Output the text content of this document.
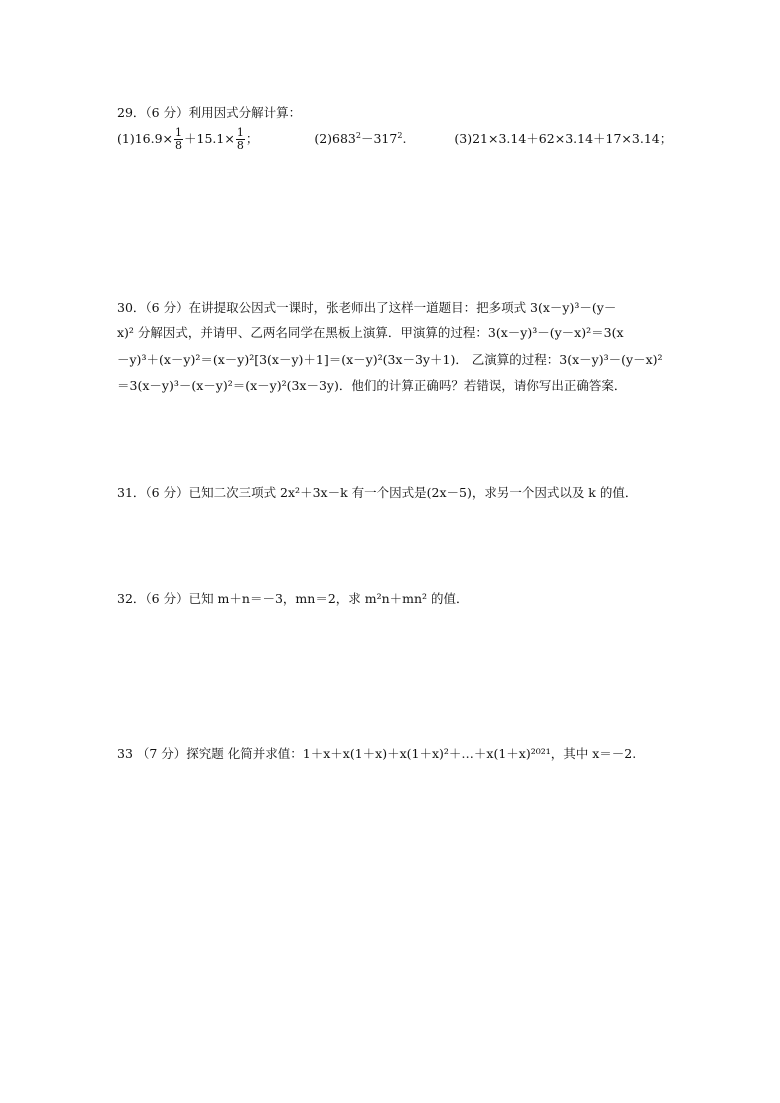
29．（6 分）利用因式分解计算：
$(1)16.9\times \frac{1}{8} +15.1\times \frac{1}{8}$ ；	$(2)683^2-317^2$.	(3)21×3.14＋62×3.14＋17×3.14；
30．（6 分）在讲提取公因式一课时，张老师出了这样一道题目：把多项式 3(x－y)³－(y－
x)² 分解因式，并请甲、乙两名同学在黑板上演算．甲演算的过程：3(x－y)³－(y－x)²＝3(x
－y)³＋(x－y)²＝(x－y)²[3(x－y)＋1]＝(x－y)²(3x－3y＋1)． 乙演算的过程：3(x－y)³－(y－x)²
＝3(x－y)³－(x－y)²＝(x－y)²(3x－3y)．他们的计算正确吗？若错误，请你写出正确答案．
31．（6 分）已知二次三项式 2x²＋3x－k 有一个因式是(2x－5)，求另一个因式以及 k 的值．
32．（6 分）已知 m＋n＝－3，mn＝2，求 m²n＋mn² 的值．
33 （7 分）探究题 化简并求值：1＋x＋x(1＋x)＋x(1＋x)²＋…＋x(1＋x)²⁰²¹，其中 x＝－2.
